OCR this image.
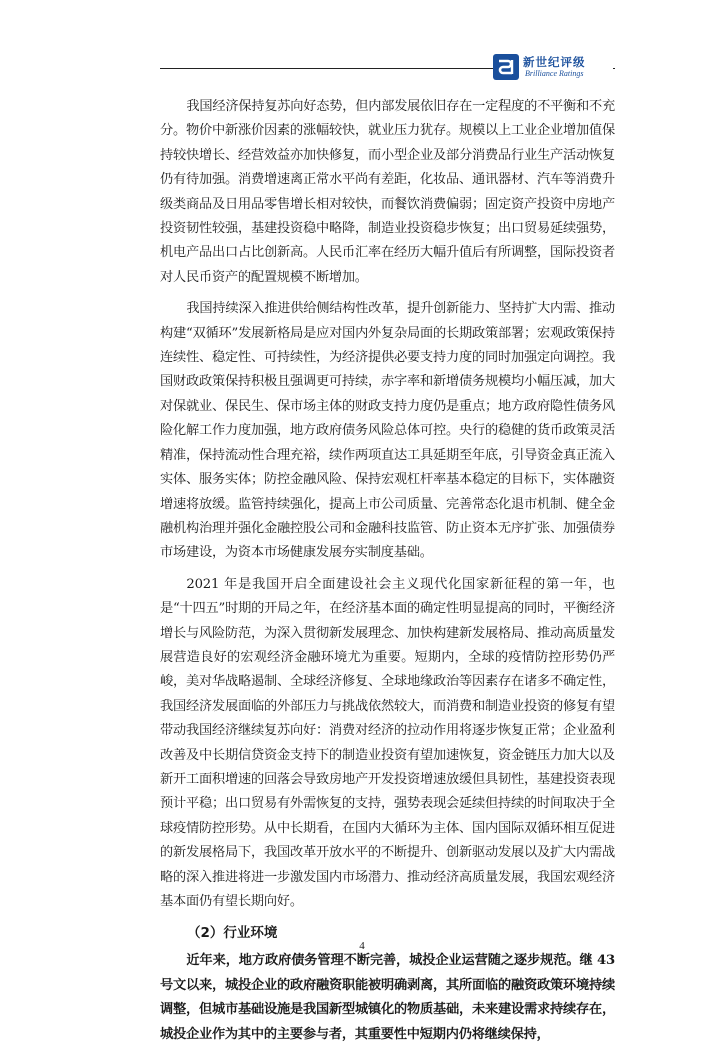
新世纪评级
Brilliance Ratings

我国经济保持复苏向好态势，但内部发展依旧存在一定程度的不平衡和不充分。物价中新涨价因素的涨幅较快，就业压力犹存。规模以上工业企业增加值保持较快增长、经营效益亦加快修复，而小型企业及部分消费品行业生产活动恢复仍有待加强。消费增速离正常水平尚有差距，化妆品、通讯器材、汽车等消费升级类商品及日用品零售增长相对较快，而餐饮消费偏弱；固定资产投资中房地产投资韧性较强，基建投资稳中略降，制造业投资稳步恢复；出口贸易延续强势，机电产品出口占比创新高。人民币汇率在经历大幅升值后有所调整，国际投资者对人民币资产的配置规模不断增加。

我国持续深入推进供给侧结构性改革，提升创新能力、坚持扩大内需、推动构建“双循环”发展新格局是应对国内外复杂局面的长期政策部署；宏观政策保持连续性、稳定性、可持续性，为经济提供必要支持力度的同时加强定向调控。我国财政政策保持积极且强调更可持续，赤字率和新增债务规模均小幅压减，加大对保就业、保民生、保市场主体的财政支持力度仍是重点；地方政府隐性债务风险化解工作力度加强，地方政府债务风险总体可控。央行的稳健的货币政策灵活精准，保持流动性合理充裕，续作两项直达工具延期至年底，引导资金真正流入实体、服务实体；防控金融风险、保持宏观杠杆率基本稳定的目标下，实体融资增速将放缓。监管持续强化，提高上市公司质量、完善常态化退市机制、健全金融机构治理并强化金融控股公司和金融科技监管、防止资本无序扩张、加强债券市场建设，为资本市场健康发展夯实制度基础。

2021 年是我国开启全面建设社会主义现代化国家新征程的第一年，也是“十四五”时期的开局之年，在经济基本面的确定性明显提高的同时，平衡经济增长与风险防范，为深入贯彻新发展理念、加快构建新发展格局、推动高质量发展营造良好的宏观经济金融环境尤为重要。短期内，全球的疫情防控形势仍严峻，美对华战略遏制、全球经济修复、全球地缘政治等因素存在诸多不确定性，我国经济发展面临的外部压力与挑战依然较大，而消费和制造业投资的修复有望带动我国经济继续复苏向好：消费对经济的拉动作用将逐步恢复正常；企业盈利改善及中长期信贷资金支持下的制造业投资有望加速恢复，资金链压力加大以及新开工面积增速的回落会导致房地产开发投资增速放缓但具韧性，基建投资表现预计平稳；出口贸易有外需恢复的支持，强势表现会延续但持续的时间取决于全球疫情防控形势。从中长期看，在国内大循环为主体、国内国际双循环相互促进的新发展格局下，我国改革开放水平的不断提升、创新驱动发展以及扩大内需战略的深入推进将进一步激发国内市场潜力、推动经济高质量发展，我国宏观经济基本面仍有望长期向好。

（2）行业环境

近年来，地方政府债务管理不断完善，城投企业运营随之逐步规范。继 43 号文以来，城投企业的政府融资职能被明确剥离，其所面临的融资政策环境持续调整，但城市基础设施是我国新型城镇化的物质基础，未来建设需求持续存在，城投企业作为其中的主要参与者，其重要性中短期内仍将继续保持，

4
